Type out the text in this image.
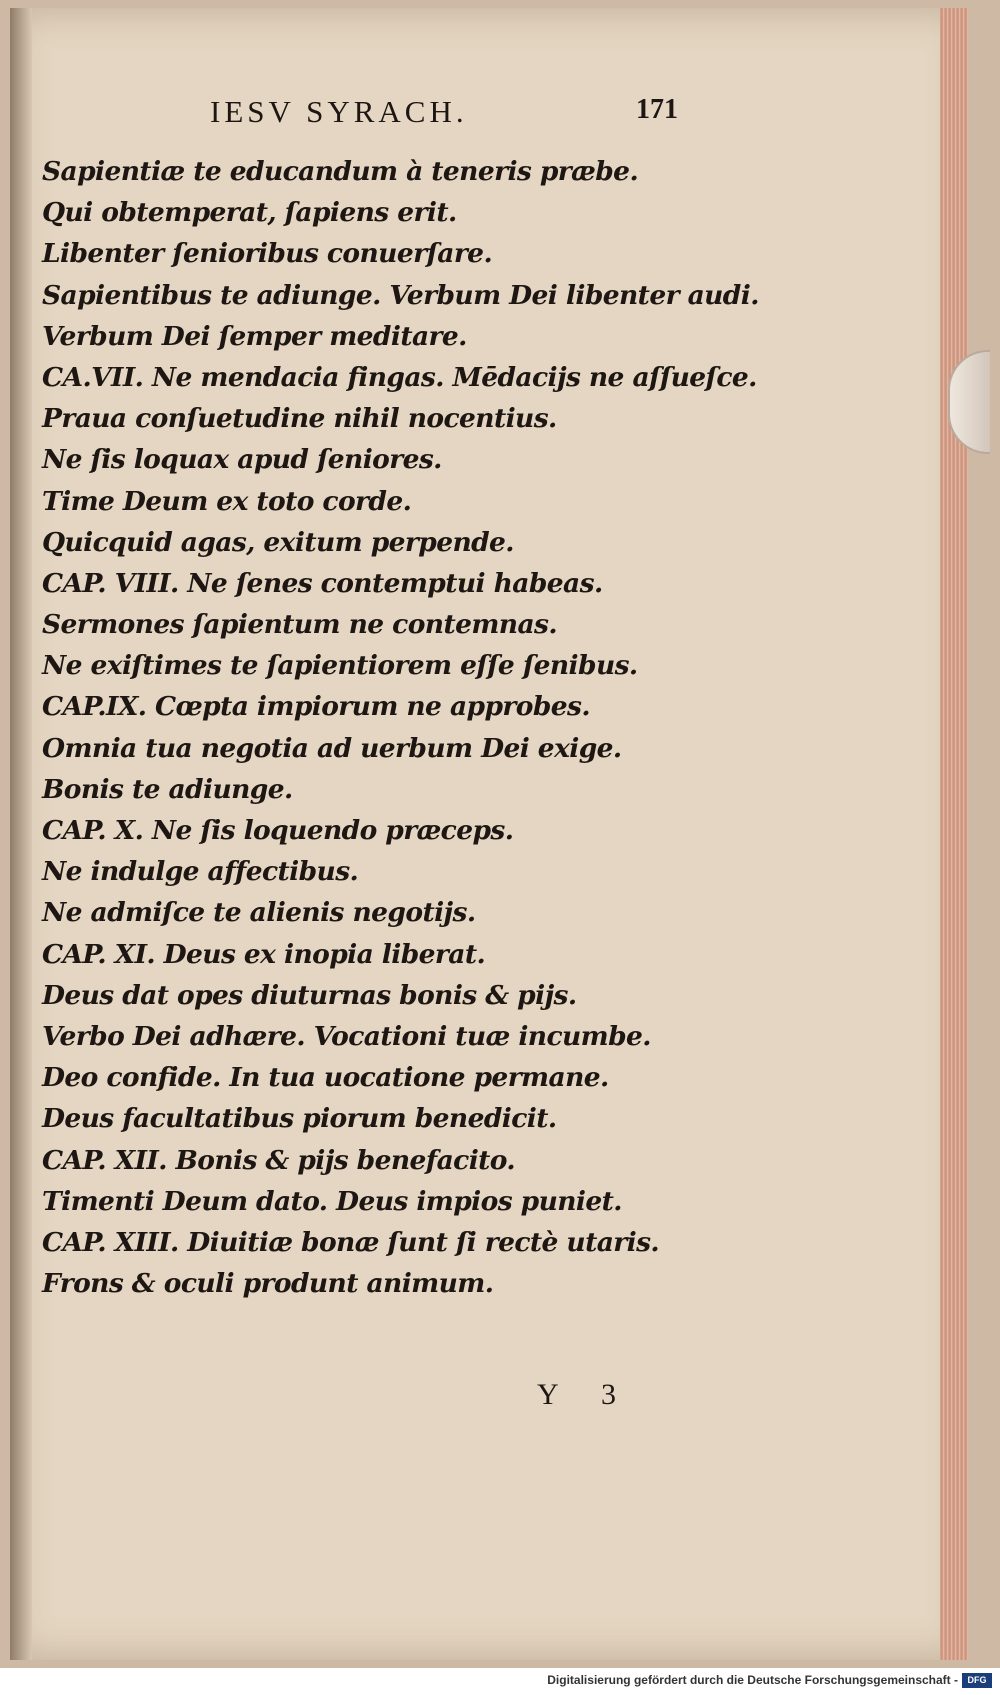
IESV SYRACH.	171
Sapientiæ te educandum à teneris præbe.
Qui obtemperat, ſapiens erit.
Libenter ſenioribus conuerſare.
Sapientibus te adiunge. Verbum Dei libenter audi.
Verbum Dei ſemper meditare.
CA.VII. Ne mendacia fingas. Mēdacijs ne aſſueſce.
Praua conſuetudine nihil nocentius.
Ne ſis loquax apud ſeniores.
Time Deum ex toto corde.
Quicquid agas, exitum perpende.
CAP. VIII. Ne ſenes contemptui habeas.
Sermones ſapientum ne contemnas.
Ne exiſtimes te ſapientiorem eſſe ſenibus.
CAP.IX. Cœpta impiorum ne approbes.
Omnia tua negotia ad uerbum Dei exige.
Bonis te adiunge.
CAP. X. Ne ſis loquendo præceps.
Ne indulge affectibus.
Ne admiſce te alienis negotijs.
CAP. XI. Deus ex inopia liberat.
Deus dat opes diuturnas bonis & pijs.
Verbo Dei adhære. Vocationi tuæ incumbe.
Deo confide. In tua uocatione permane.
Deus facultatibus piorum benedicit.
CAP. XII. Bonis & pijs benefacito.
Timenti Deum dato. Deus impios puniet.
CAP. XIII. Diuitiæ bonæ ſunt ſi rectè utaris.
Frons & oculi produnt animum.
Y 3
Digitalisierung gefördert durch die Deutsche Forschungsgemeinschaft -	DFG
